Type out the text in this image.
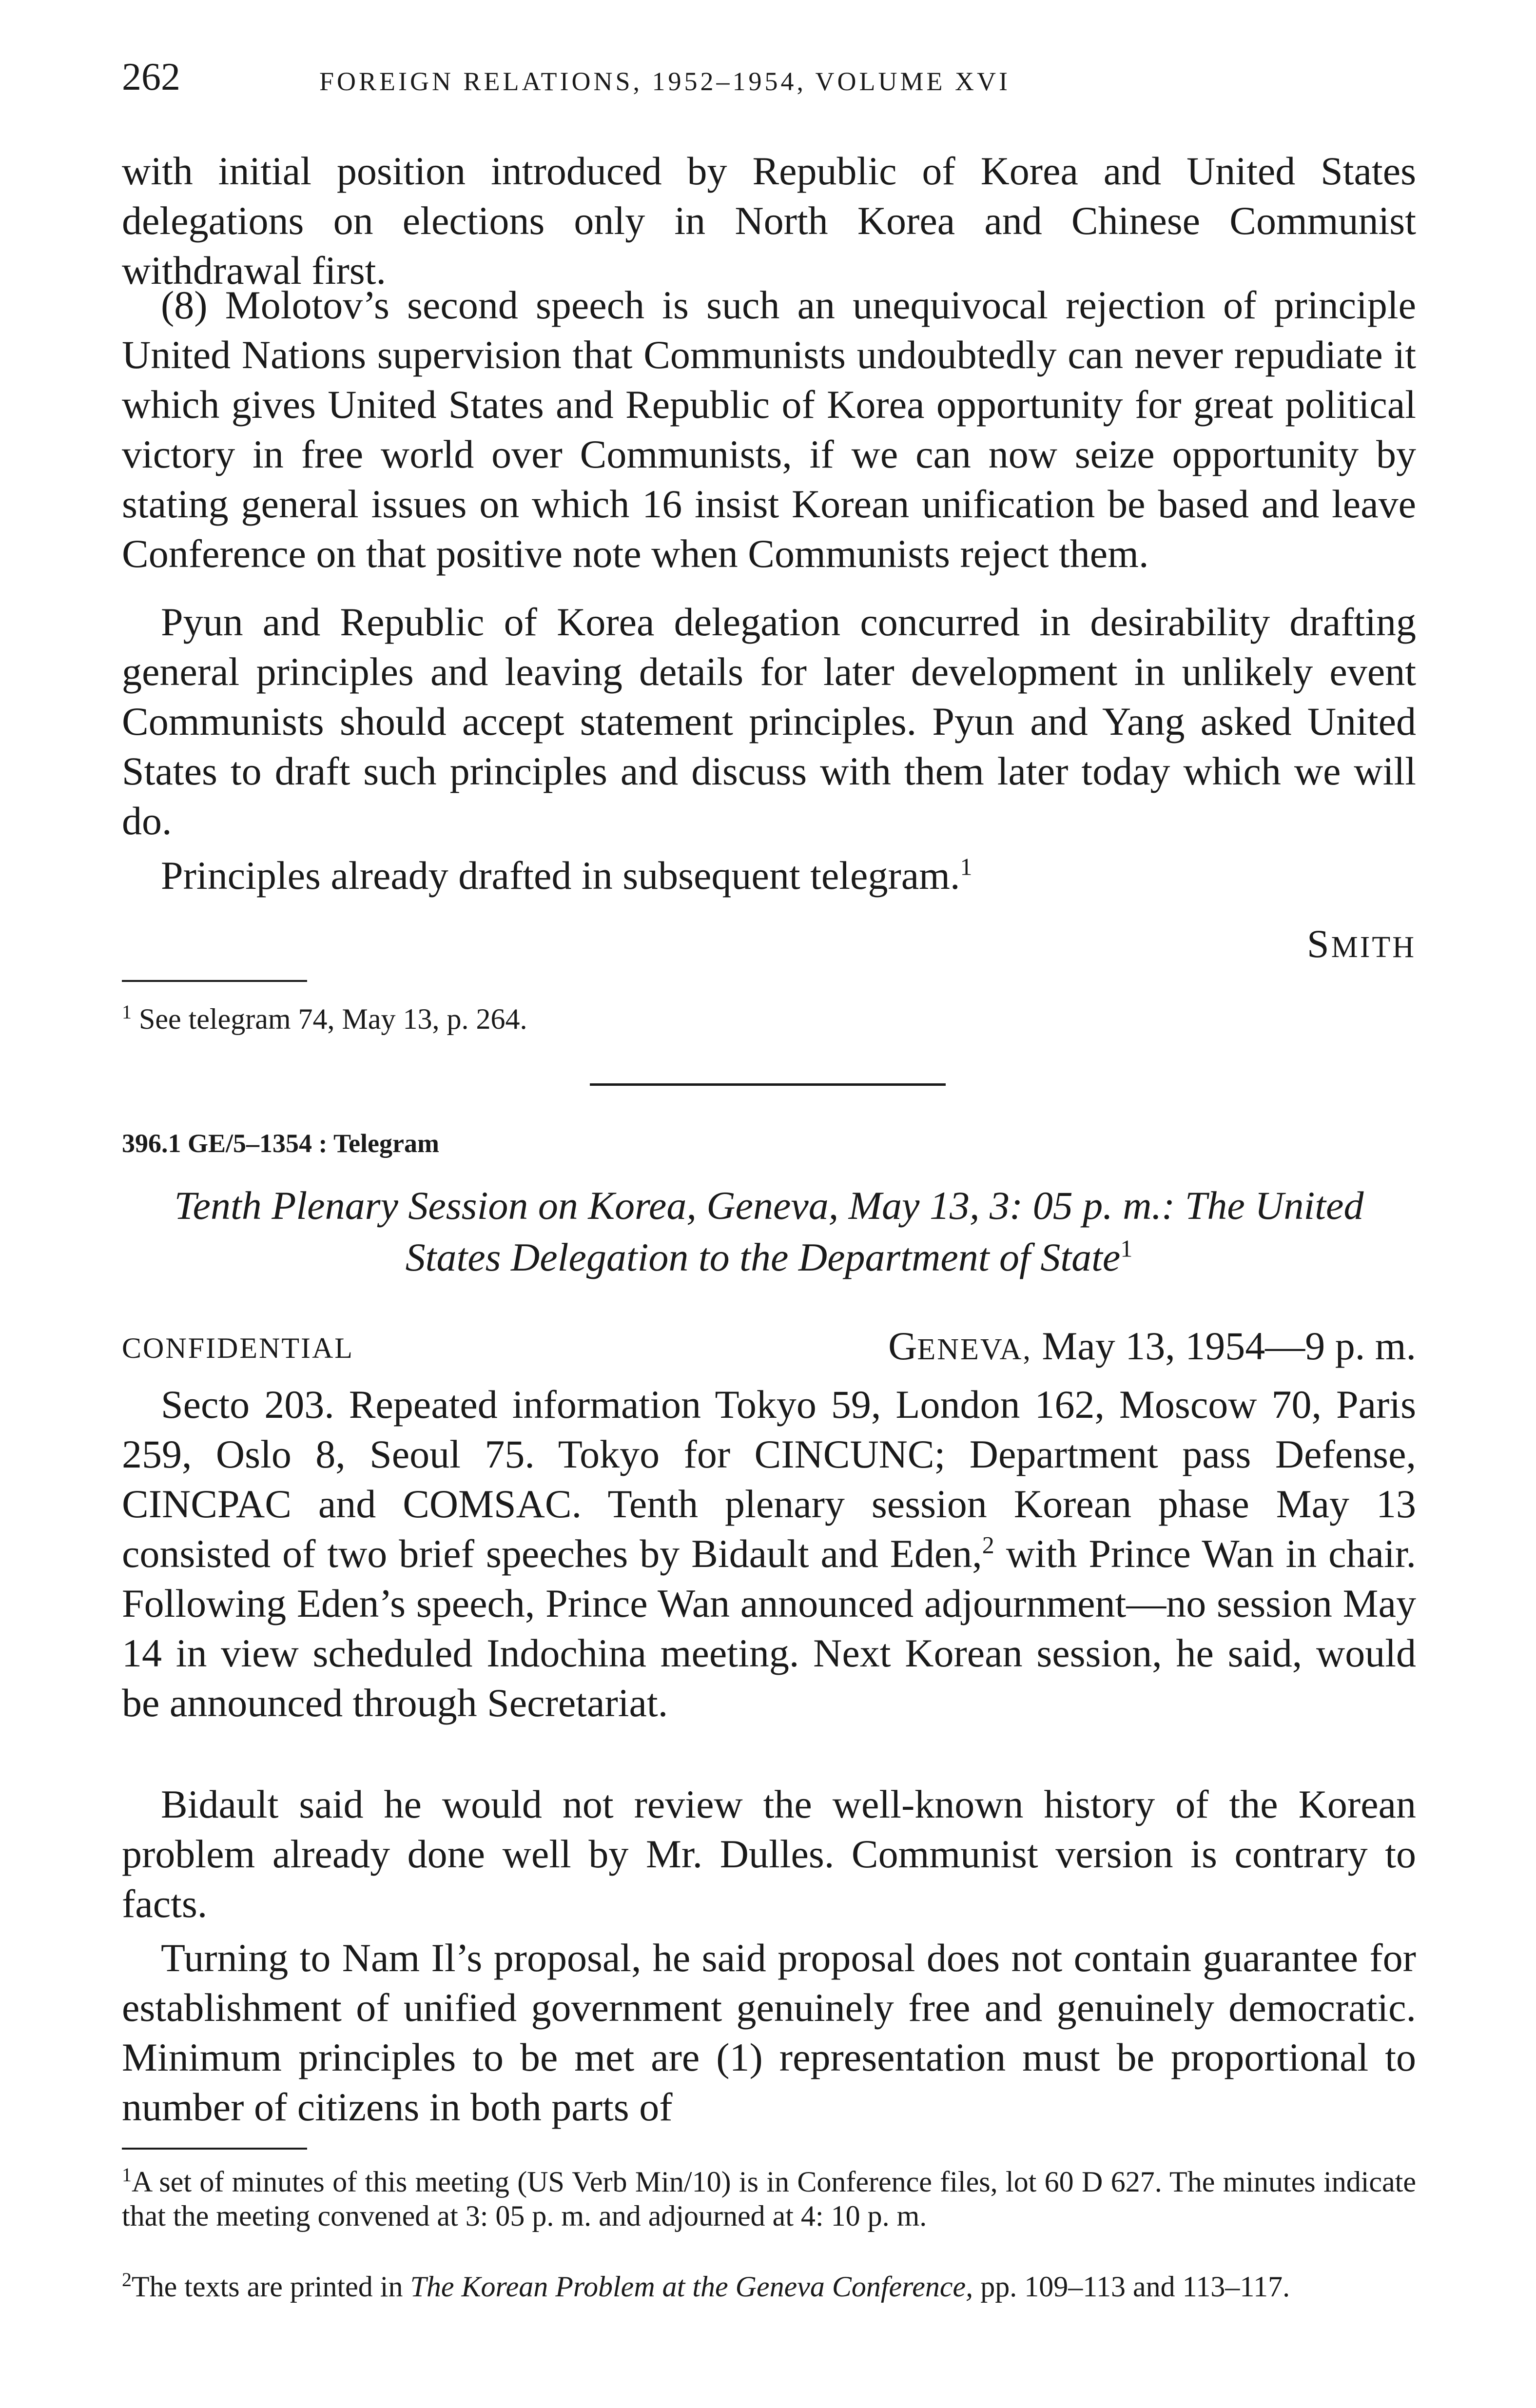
262	FOREIGN RELATIONS, 1952–1954, VOLUME XVI

with initial position introduced by Republic of Korea and United States delegations on elections only in North Korea and Chinese Communist withdrawal first.

(8) Molotov’s second speech is such an unequivocal rejection of principle United Nations supervision that Communists undoubtedly can never repudiate it which gives United States and Republic of Korea opportunity for great political victory in free world over Communists, if we can now seize opportunity by stating general issues on which 16 insist Korean unification be based and leave Conference on that positive note when Communists reject them.

Pyun and Republic of Korea delegation concurred in desirability drafting general principles and leaving details for later development in unlikely event Communists should accept statement principles. Pyun and Yang asked United States to draft such principles and discuss with them later today which we will do.

Principles already drafted in subsequent telegram.$^1$

SMITH

$^1$ See telegram 74, May 13, p. 264.

396.1 GE/5–1354 : Telegram

Tenth Plenary Session on Korea, Geneva, May 13, 3: 05 p. m.: The United States Delegation to the Department of State$^1$

CONFIDENTIAL	GENEVA, May 13, 1954—9 p. m.

Secto 203. Repeated information Tokyo 59, London 162, Moscow 70, Paris 259, Oslo 8, Seoul 75. Tokyo for CINCUNC; Department pass Defense, CINCPAC and COMSAC. Tenth plenary session Korean phase May 13 consisted of two brief speeches by Bidault and Eden,$^2$ with Prince Wan in chair. Following Eden’s speech, Prince Wan announced adjournment—no session May 14 in view scheduled Indochina meeting. Next Korean session, he said, would be announced through Secretariat.

Bidault said he would not review the well-known history of the Korean problem already done well by Mr. Dulles. Communist version is contrary to facts.

Turning to Nam Il’s proposal, he said proposal does not contain guarantee for establishment of unified government genuinely free and genuinely democratic. Minimum principles to be met are (1) representation must be proportional to number of citizens in both parts of

$^1$A set of minutes of this meeting (US Verb Min/10) is in Conference files, lot 60 D 627. The minutes indicate that the meeting convened at 3: 05 p. m. and adjourned at 4: 10 p. m.

$^2$The texts are printed in The Korean Problem at the Geneva Conference, pp. 109–113 and 113–117.
